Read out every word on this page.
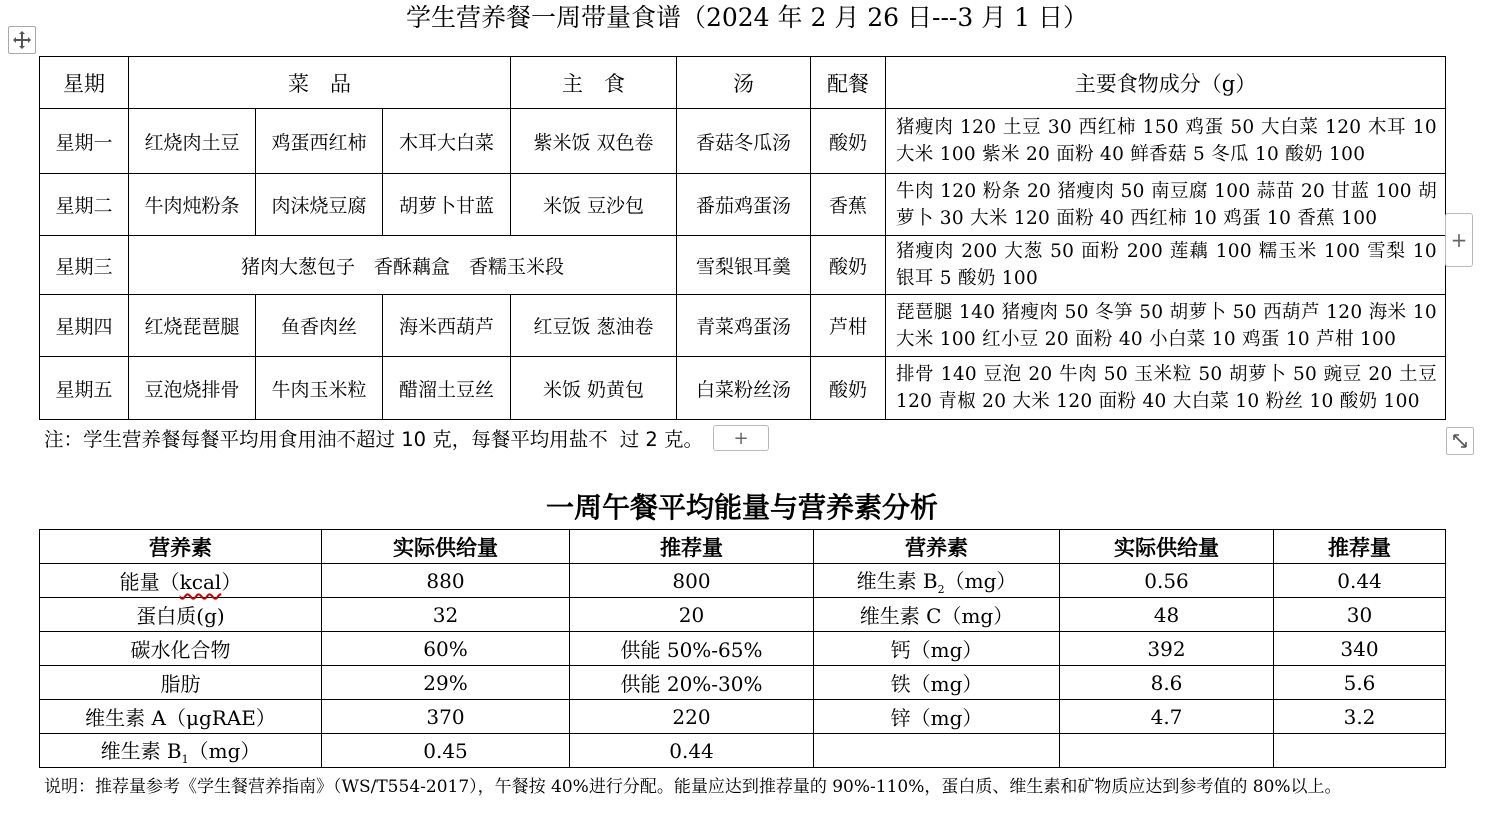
学生营养餐一周带量食谱（2024 年 2 月 26 日---3 月 1 日）
星期	菜　品			主　食	汤	配餐	主要食物成分（g）
星期一	红烧肉土豆	鸡蛋西红柿	木耳大白菜	紫米饭 双色卷	香菇冬瓜汤	酸奶	猪瘦肉 120 土豆 30 西红柿 150 鸡蛋 50 大白菜 120 木耳 10 大米 100 紫米 20 面粉 40 鲜香菇 5 冬瓜 10 酸奶 100
星期二	牛肉炖粉条	肉沫烧豆腐	胡萝卜甘蓝	米饭 豆沙包	番茄鸡蛋汤	香蕉	牛肉 120 粉条 20 猪瘦肉 50 南豆腐 100 蒜苗 20 甘蓝 100 胡萝卜 30 大米 120 面粉 40 西红柿 10 鸡蛋 10 香蕉 100
星期三	猪肉大葱包子　香酥藕盒　香糯玉米段				雪梨银耳羹	酸奶	猪瘦肉 200 大葱 50 面粉 200 莲藕 100 糯玉米 100 雪梨 10 银耳 5 酸奶 100
星期四	红烧琵琶腿	鱼香肉丝	海米西葫芦	红豆饭 葱油卷	青菜鸡蛋汤	芦柑	琵琶腿 140 猪瘦肉 50 冬笋 50 胡萝卜 50 西葫芦 120 海米 10 大米 100 红小豆 20 面粉 40 小白菜 10 鸡蛋 10 芦柑 100
星期五	豆泡烧排骨	牛肉玉米粒	醋溜土豆丝	米饭 奶黄包	白菜粉丝汤	酸奶	排骨 140 豆泡 20 牛肉 50 玉米粒 50 胡萝卜 50 豌豆 20 土豆 120 青椒 20 大米 120 面粉 40 大白菜 10 粉丝 10 酸奶 100
+
注：学生营养餐每餐平均用食用油不超过 10 克，每餐平均用盐不 过 2 克。 +
一周午餐平均能量与营养素分析
营养素	实际供给量	推荐量	营养素	实际供给量	推荐量
能量（kcal）	880	800	维生素 $B_2(mg)$	0.56	0.44
蛋白质(g)	32	20	维生素 C（mg）	48	30
碳水化合物	60%	供能 50%-65%	钙（mg）	392	340
脂肪	29%	供能 20%-30%	铁（mg）	8.6	5.6
维生素 A（μgRAE）	370	220	锌（mg）	4.7	3.2
维生素 $B_1(mg)$	0.45	0.44			
说明：推荐量参考《学生餐营养指南》（WS/T554-2017），午餐按 40%进行分配。能量应达到推荐量的 90%-110%，蛋白质、维生素和矿物质应达到参考值的 80%以上。
